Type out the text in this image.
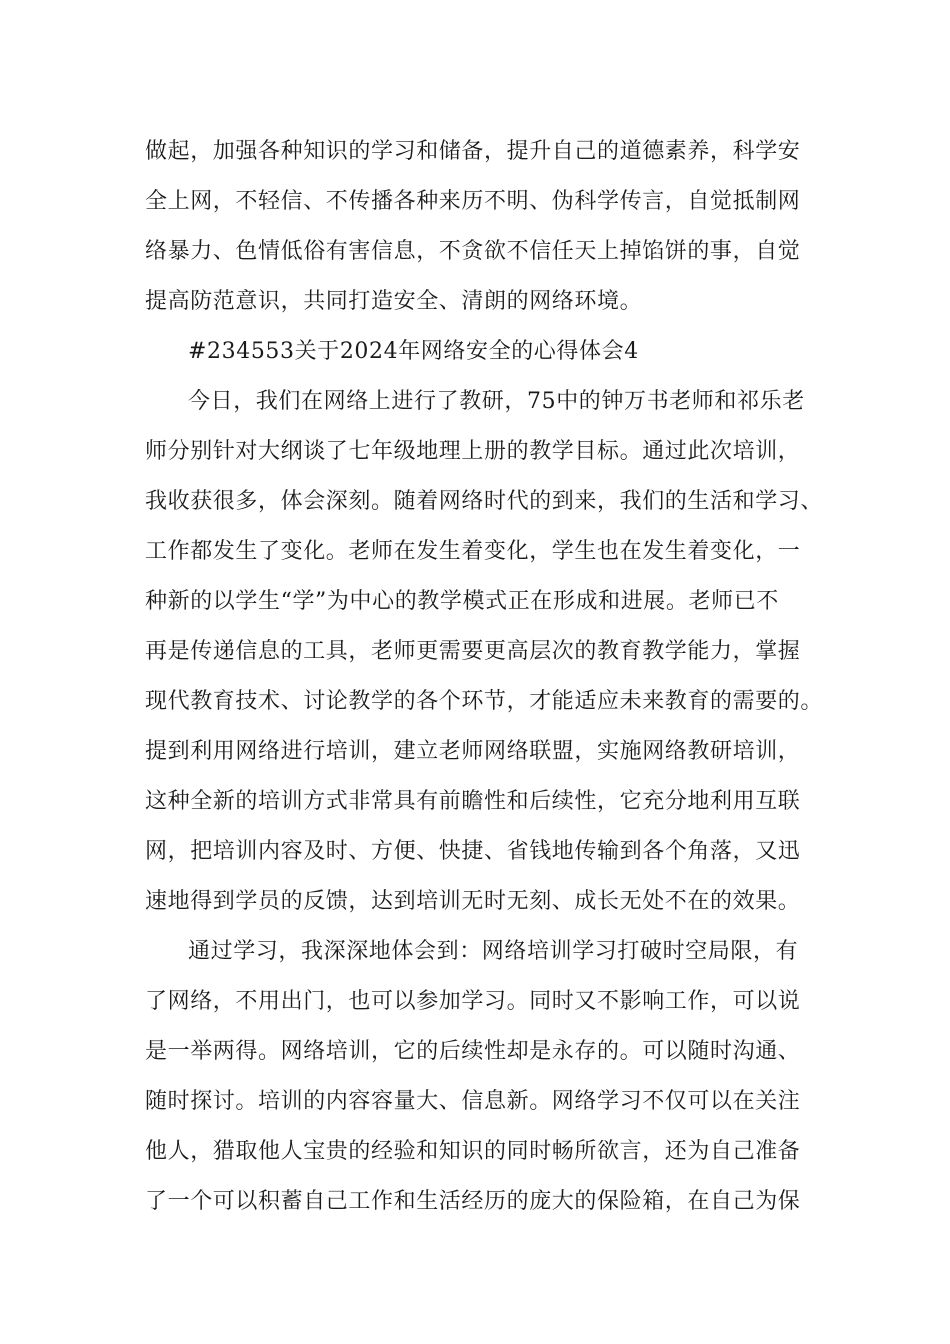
做起，加强各种知识的学习和储备，提升自己的道德素养，科学安
全上网，不轻信、不传播各种来历不明、伪科学传言，自觉抵制网
络暴力、色情低俗有害信息，不贪欲不信任天上掉馅饼的事，自觉
提高防范意识，共同打造安全、清朗的网络环境。
#234553关于2024年网络安全的心得体会4
今日，我们在网络上进行了教研，75中的钟万书老师和祁乐老
师分别针对大纲谈了七年级地理上册的教学目标。通过此次培训，
我收获很多，体会深刻。随着网络时代的到来，我们的生活和学习、
工作都发生了变化。老师在发生着变化，学生也在发生着变化，一
种新的以学生“学”为中心的教学模式正在形成和进展。老师已不
再是传递信息的工具，老师更需要更高层次的教育教学能力，掌握
现代教育技术、讨论教学的各个环节，才能适应未来教育的需要的。
提到利用网络进行培训，建立老师网络联盟，实施网络教研培训，
这种全新的培训方式非常具有前瞻性和后续性，它充分地利用互联
网，把培训内容及时、方便、快捷、省钱地传输到各个角落，又迅
速地得到学员的反馈，达到培训无时无刻、成长无处不在的效果。
通过学习，我深深地体会到：网络培训学习打破时空局限，有
了网络，不用出门，也可以参加学习。同时又不影响工作，可以说
是一举两得。网络培训，它的后续性却是永存的。可以随时沟通、
随时探讨。培训的内容容量大、信息新。网络学习不仅可以在关注
他人，猎取他人宝贵的经验和知识的同时畅所欲言，还为自己准备
了一个可以积蓄自己工作和生活经历的庞大的保险箱，在自己为保
